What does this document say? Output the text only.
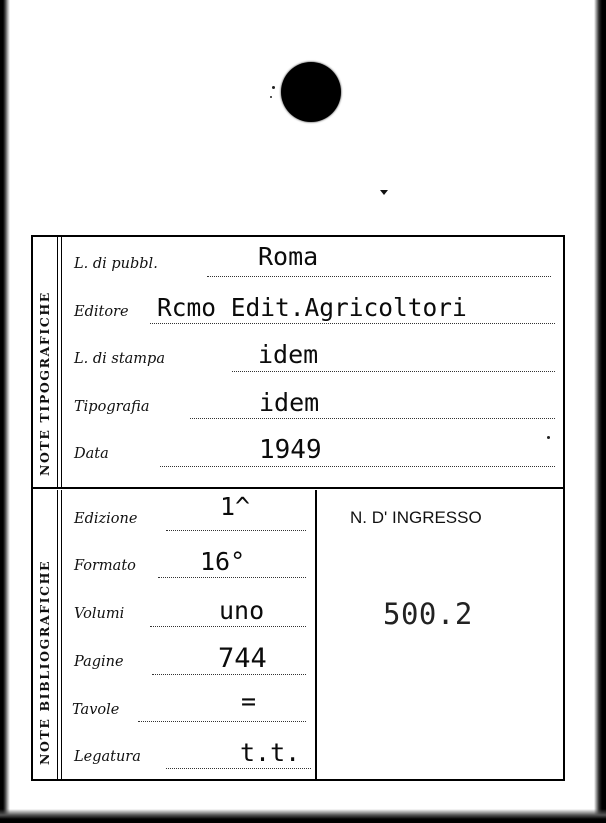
NOTE TIPOGRAFICHE
NOTE BIBLIOGRAFICHE
L. di pubbl.	Roma
Editore Rcmo Edit.Agricoltori
L. di stampa	idem
Tipografia	idem
Data	1949
Edizione	1^
Formato	16°
Volumi	uno
Pagine	744
Tavole	=
Legatura	t.t.
N. D' INGRESSO
500.2
